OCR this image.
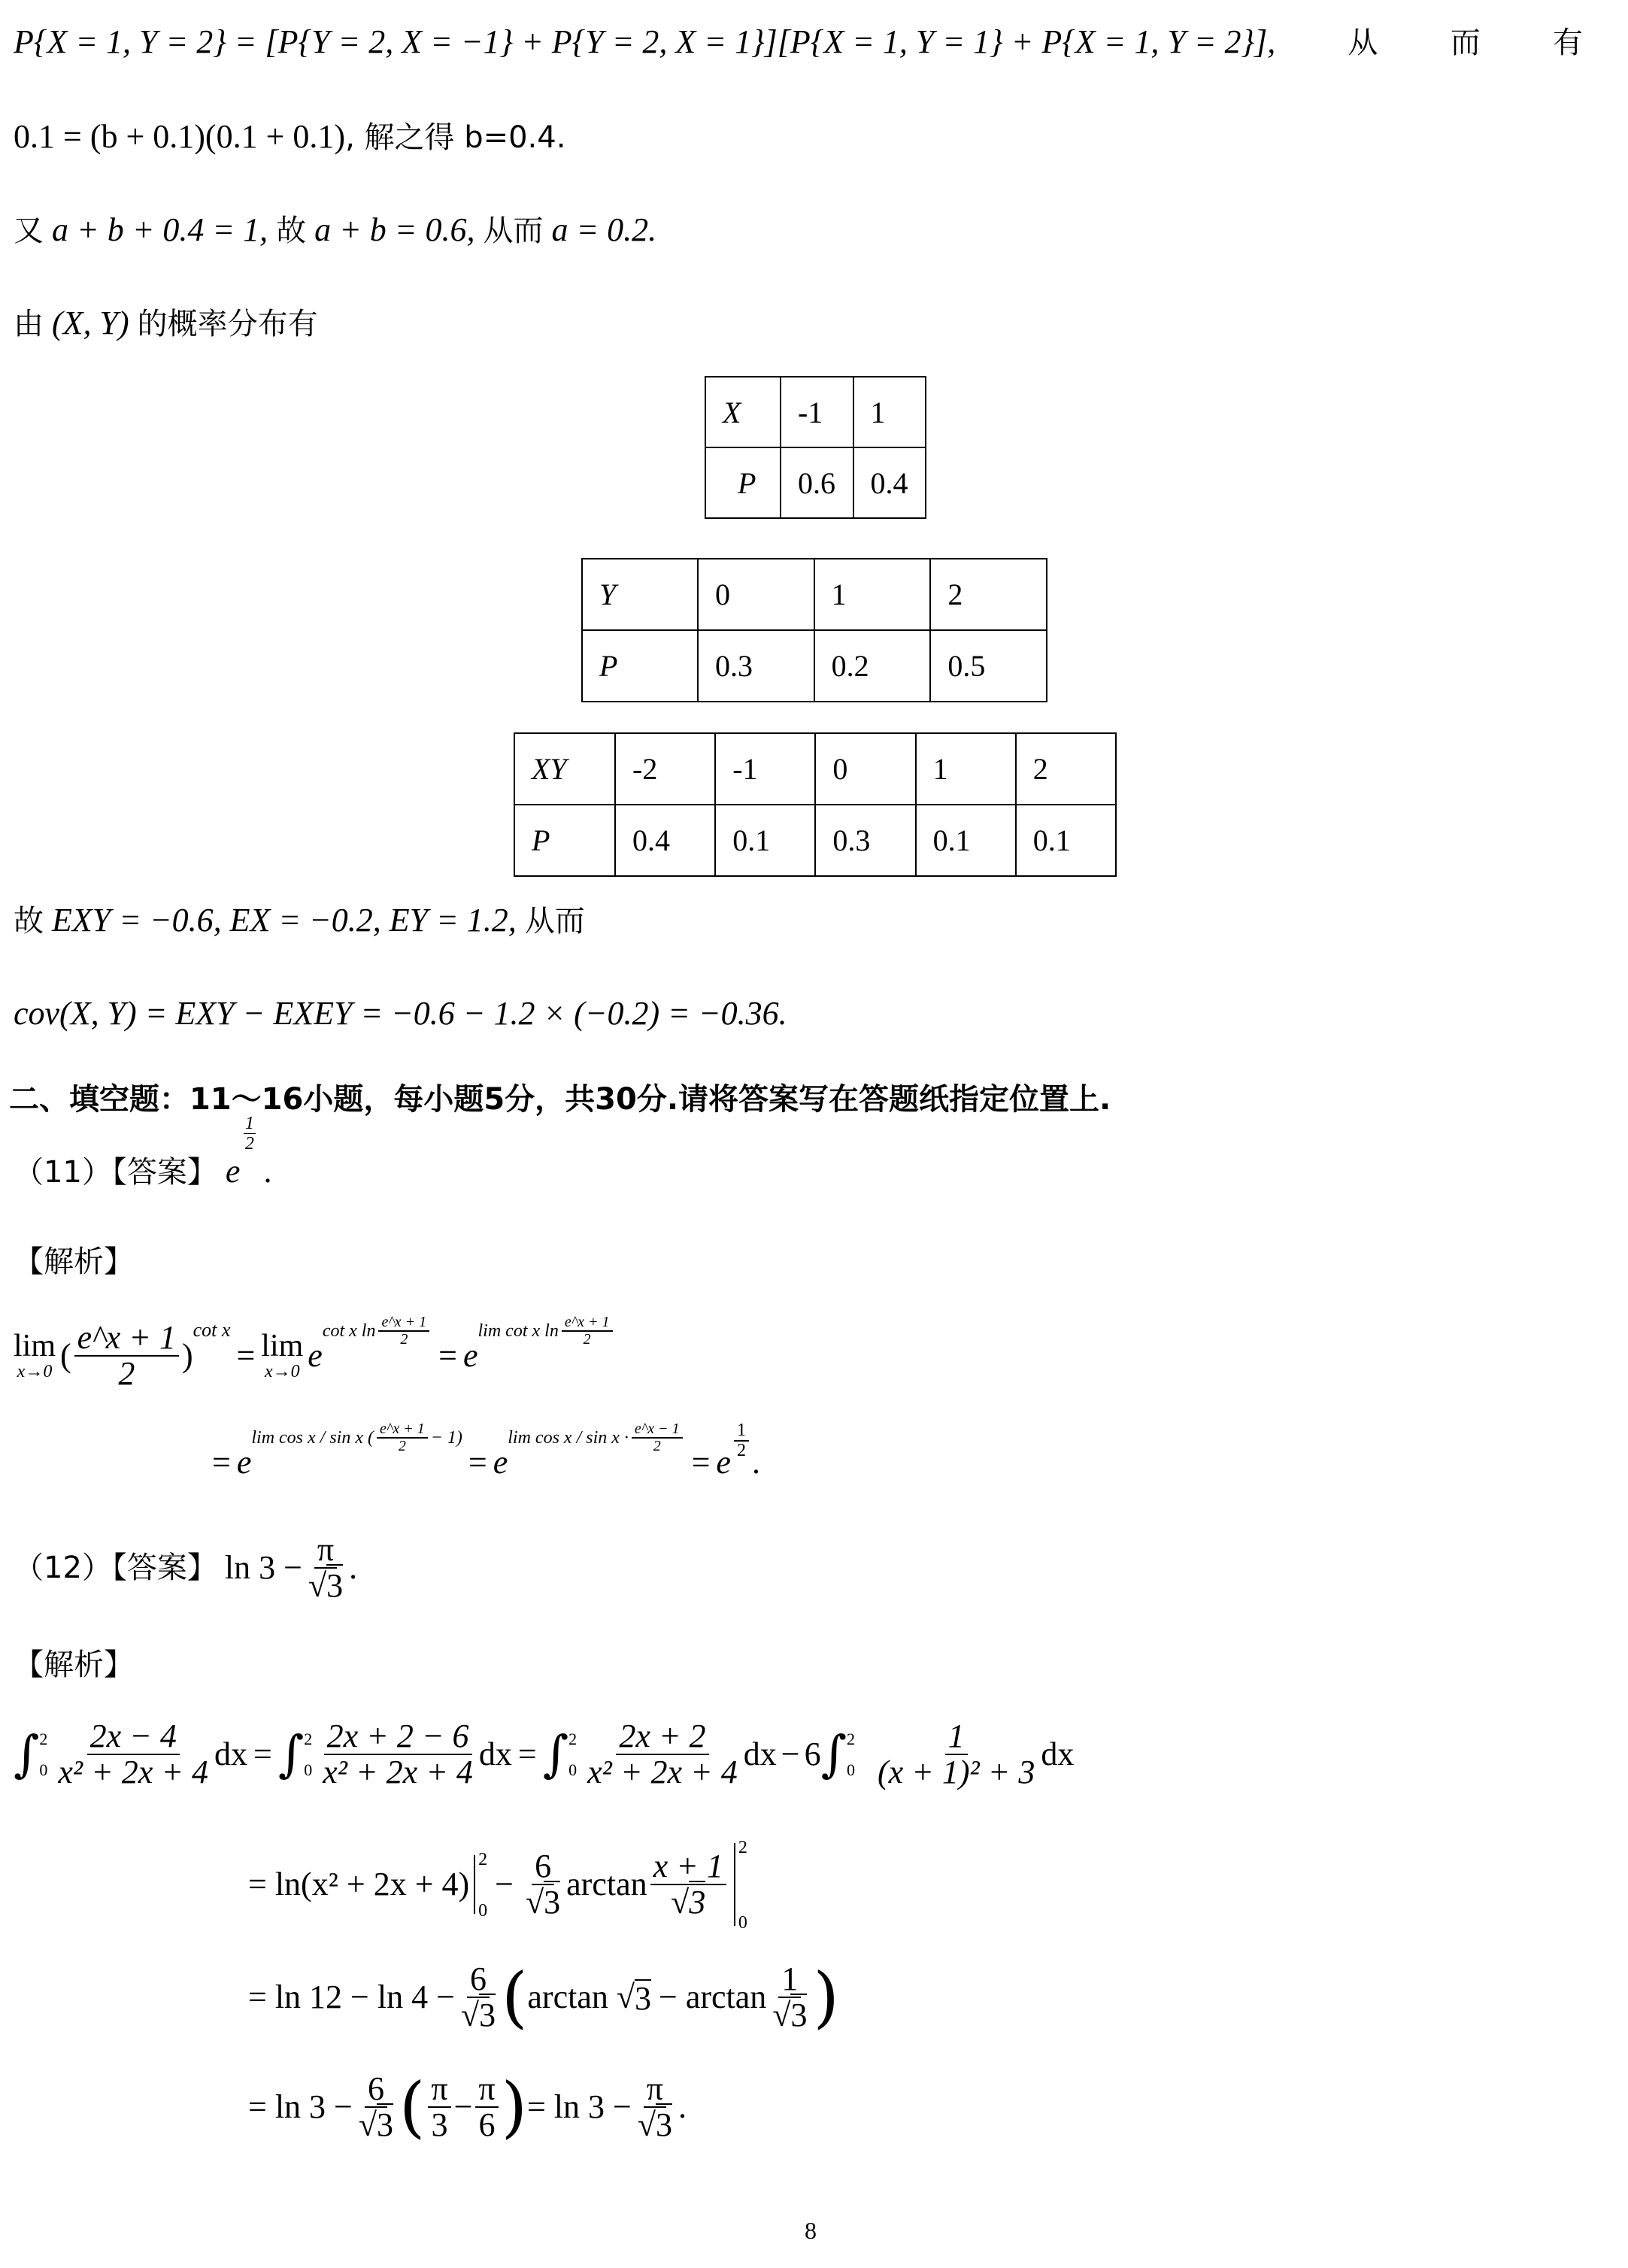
P{X = 1, Y = 2} = [P{Y = 2, X = −1} + P{Y = 2, X = 1}][P{X = 1, Y = 1} + P{X = 1, Y = 2}], 从 而 有
0.1 = (b + 0.1)(0.1 + 0.1), 解之得 b=0.4.
又 a + b + 0.4 = 1, 故 a + b = 0.6, 从而 a = 0.2.
由 (X, Y) 的概率分布有
X	-1	1
P	0.6	0.4
Y	0	1	2
P	0.3	0.2	0.5
XY	-2	-1	0	1	2
P	0.4	0.1	0.3	0.1	0.1
故 EXY = −0.6, EX = −0.2, EY = 1.2, 从而
cov(X, Y) = EXY − EXEY = −0.6 − 1.2 × (−0.2) = −0.36.
二、填空题：11～16小题，每小题5分，共30分.请将答案写在答题纸指定位置上.
（11）【答案】 e
$\frac{1}{2}$
.
【解析】
lim
x→0 ( $\frac{e\^{}x + 1}{2}$ )
cot x
= lim
x→0 e
cot x $\ln \frac{e\^{}x + 1}{2}$
= e
lim cot x $\ln \frac{e\^{}x + 1}{2}$
= e
lim
cos x / sin x ( $\frac{e\^{}x + 1}{2} - 1$)
= e
lim
$\cos x / \sin x \cdot \frac{e\^{}x - 1}{2}$
= e
$\frac{1}{2}$
.
（12）【答案】 $\ln 3 - \frac{\pi}{√3}$ .
【解析】
∫ 2
$0 \frac{2x - 4}{\text{x² + 2x + 4}}$ dx = ∫ 2
$0 \frac{2x + 2 - 6}{\text{x² + 2x + 4}}$ dx = ∫ 2
$0 \frac{2x + 2}{\text{x² + 2x + 4}}$ dx − 6 ∫ 2
$0 \frac{1}{\text{(x + 1)² + 3}}$ dx
= ln(x² + 2x + 4)
2
0
− $\frac{6}{√3}$ $\arctan \frac{x + 1}{√3}$
2
0
= $\ln 12 - \ln 4 - \frac{6}{√3}$ ( arctan √ $3 - \arctan \frac{1}{√3}$ )
= $\ln 3 - \frac{6}{√3}$ ( $\frac{\pi}{3} - \frac{\pi}{6}$ ) = $\ln 3 - \frac{\pi}{√3}$ .
8
